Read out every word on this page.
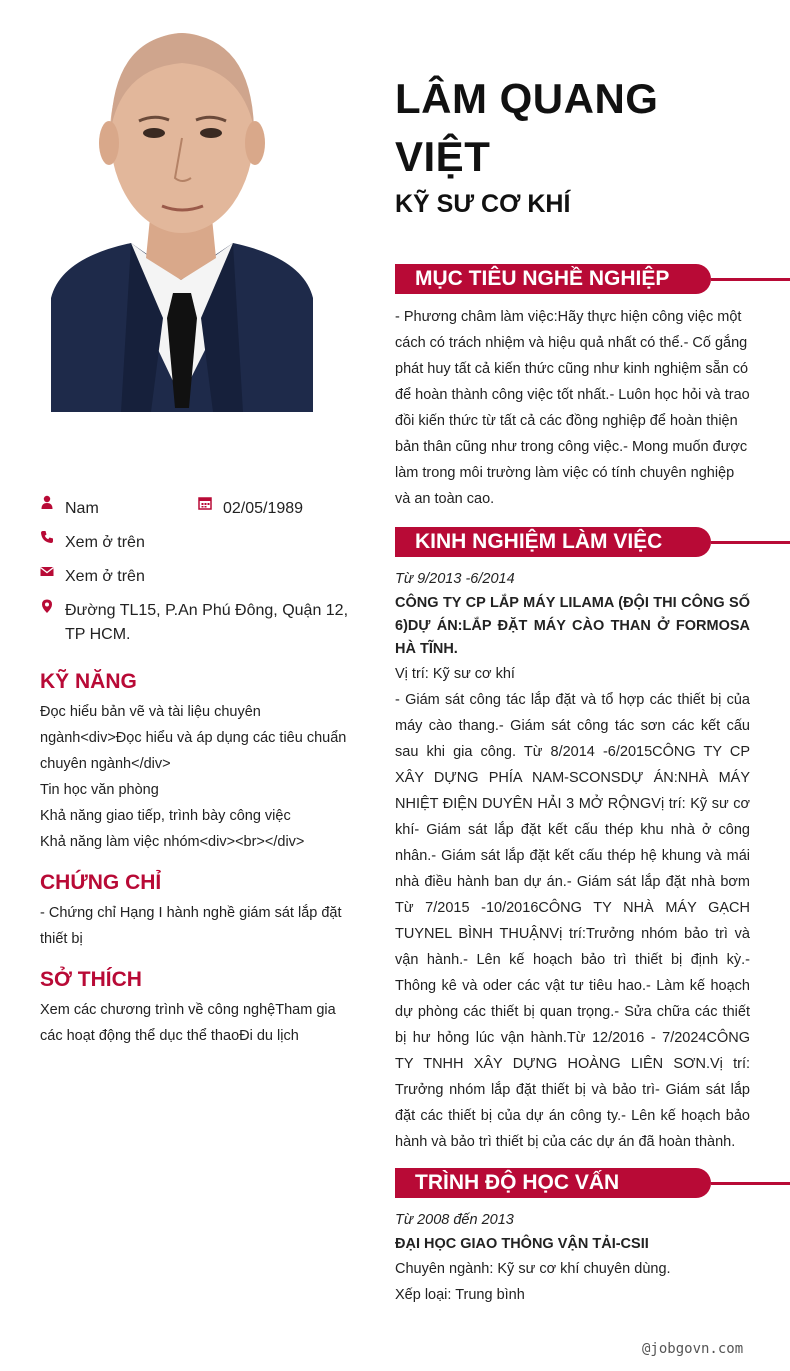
Nam	02/05/1989
Xem ở trên
Xem ở trên
Đường TL15, P.An Phú Đông, Quận 12, TP HCM.
KỸ NĂNG
Đọc hiểu bản vẽ và tài liệu chuyên ngành<div>Đọc hiểu và áp dụng các tiêu chuẩn chuyên ngành</div>
Tin học văn phòng
Khả năng giao tiếp, trình bày công việc
Khả năng làm việc nhóm<div><br></div>
CHỨNG CHỈ
- Chứng chỉ Hạng I hành nghề giám sát lắp đặt thiết bị
SỞ THÍCH
Xem các chương trình về công nghệTham gia các hoạt động thể dục thể thaoĐi du lịch
LÂM QUANG
VIỆT
KỸ SƯ CƠ KHÍ
MỤC TIÊU NGHỀ NGHIỆP
- Phương châm làm việc:Hãy thực hiện công việc một cách có trách nhiệm và hiệu quả nhất có thể.- Cố gắng phát huy tất cả kiến thức cũng như kinh nghiệm sẵn có để hoàn thành công việc tốt nhất.- Luôn học hỏi và trao đồi kiến thức từ tất cả các đồng nghiệp để hoàn thiện bản thân cũng như trong công việc.- Mong muốn được làm trong môi trường làm việc có tính chuyên nghiệp và an toàn cao.
KINH NGHIỆM LÀM VIỆC
Từ 9/2013 -6/2014
CÔNG TY CP LẮP MÁY LILAMA (ĐỘI THI CÔNG SỐ 6)DỰ ÁN:LẮP ĐẶT MÁY CÀO THAN Ở FORMOSA HÀ TĨNH.
Vị trí: Kỹ sư cơ khí
- Giám sát công tác lắp đặt và tổ hợp các thiết bị của máy cào thang.- Giám sát công tác sơn các kết cấu sau khi gia công. Từ 8/2014 -6/2015CÔNG TY CP XÂY DỰNG PHÍA NAM-SCONSDỰ ÁN:NHÀ MÁY NHIỆT ĐIỆN DUYÊN HẢI 3 MỞ RỘNGVị trí: Kỹ sư cơ khí- Giám sát lắp đặt kết cấu thép khu nhà ở công nhân.- Giám sát lắp đặt kết cấu thép hệ khung và mái nhà điều hành ban dự án.- Giám sát lắp đặt nhà bơm Từ 7/2015 -10/2016CÔNG TY NHÀ MÁY GẠCH TUYNEL BÌNH THUẬNVị trí:Trưởng nhóm bảo trì và vận hành.- Lên kế hoạch bảo trì thiết bị định kỳ.- Thông kê và oder các vật tư tiêu hao.- Làm kế hoạch dự phòng các thiết bị quan trọng.- Sửa chữa các thiết bị hư hỏng lúc vận hành.Từ 12/2016 - 7/2024CÔNG TY TNHH XÂY DỰNG HOÀNG LIÊN SƠN.Vị trí: Trưởng nhóm lắp đặt thiết bị và bảo trì- Giám sát lắp đặt các thiết bị của dự án công ty.- Lên kế hoạch bảo hành và bảo trì thiết bị của các dự án đã hoàn thành.
TRÌNH ĐỘ HỌC VẤN
Từ 2008 đến 2013
ĐẠI HỌC GIAO THÔNG VẬN TẢI-CSII
Chuyên ngành: Kỹ sư cơ khí chuyên dùng.
Xếp loại: Trung bình
@jobgovn.com
